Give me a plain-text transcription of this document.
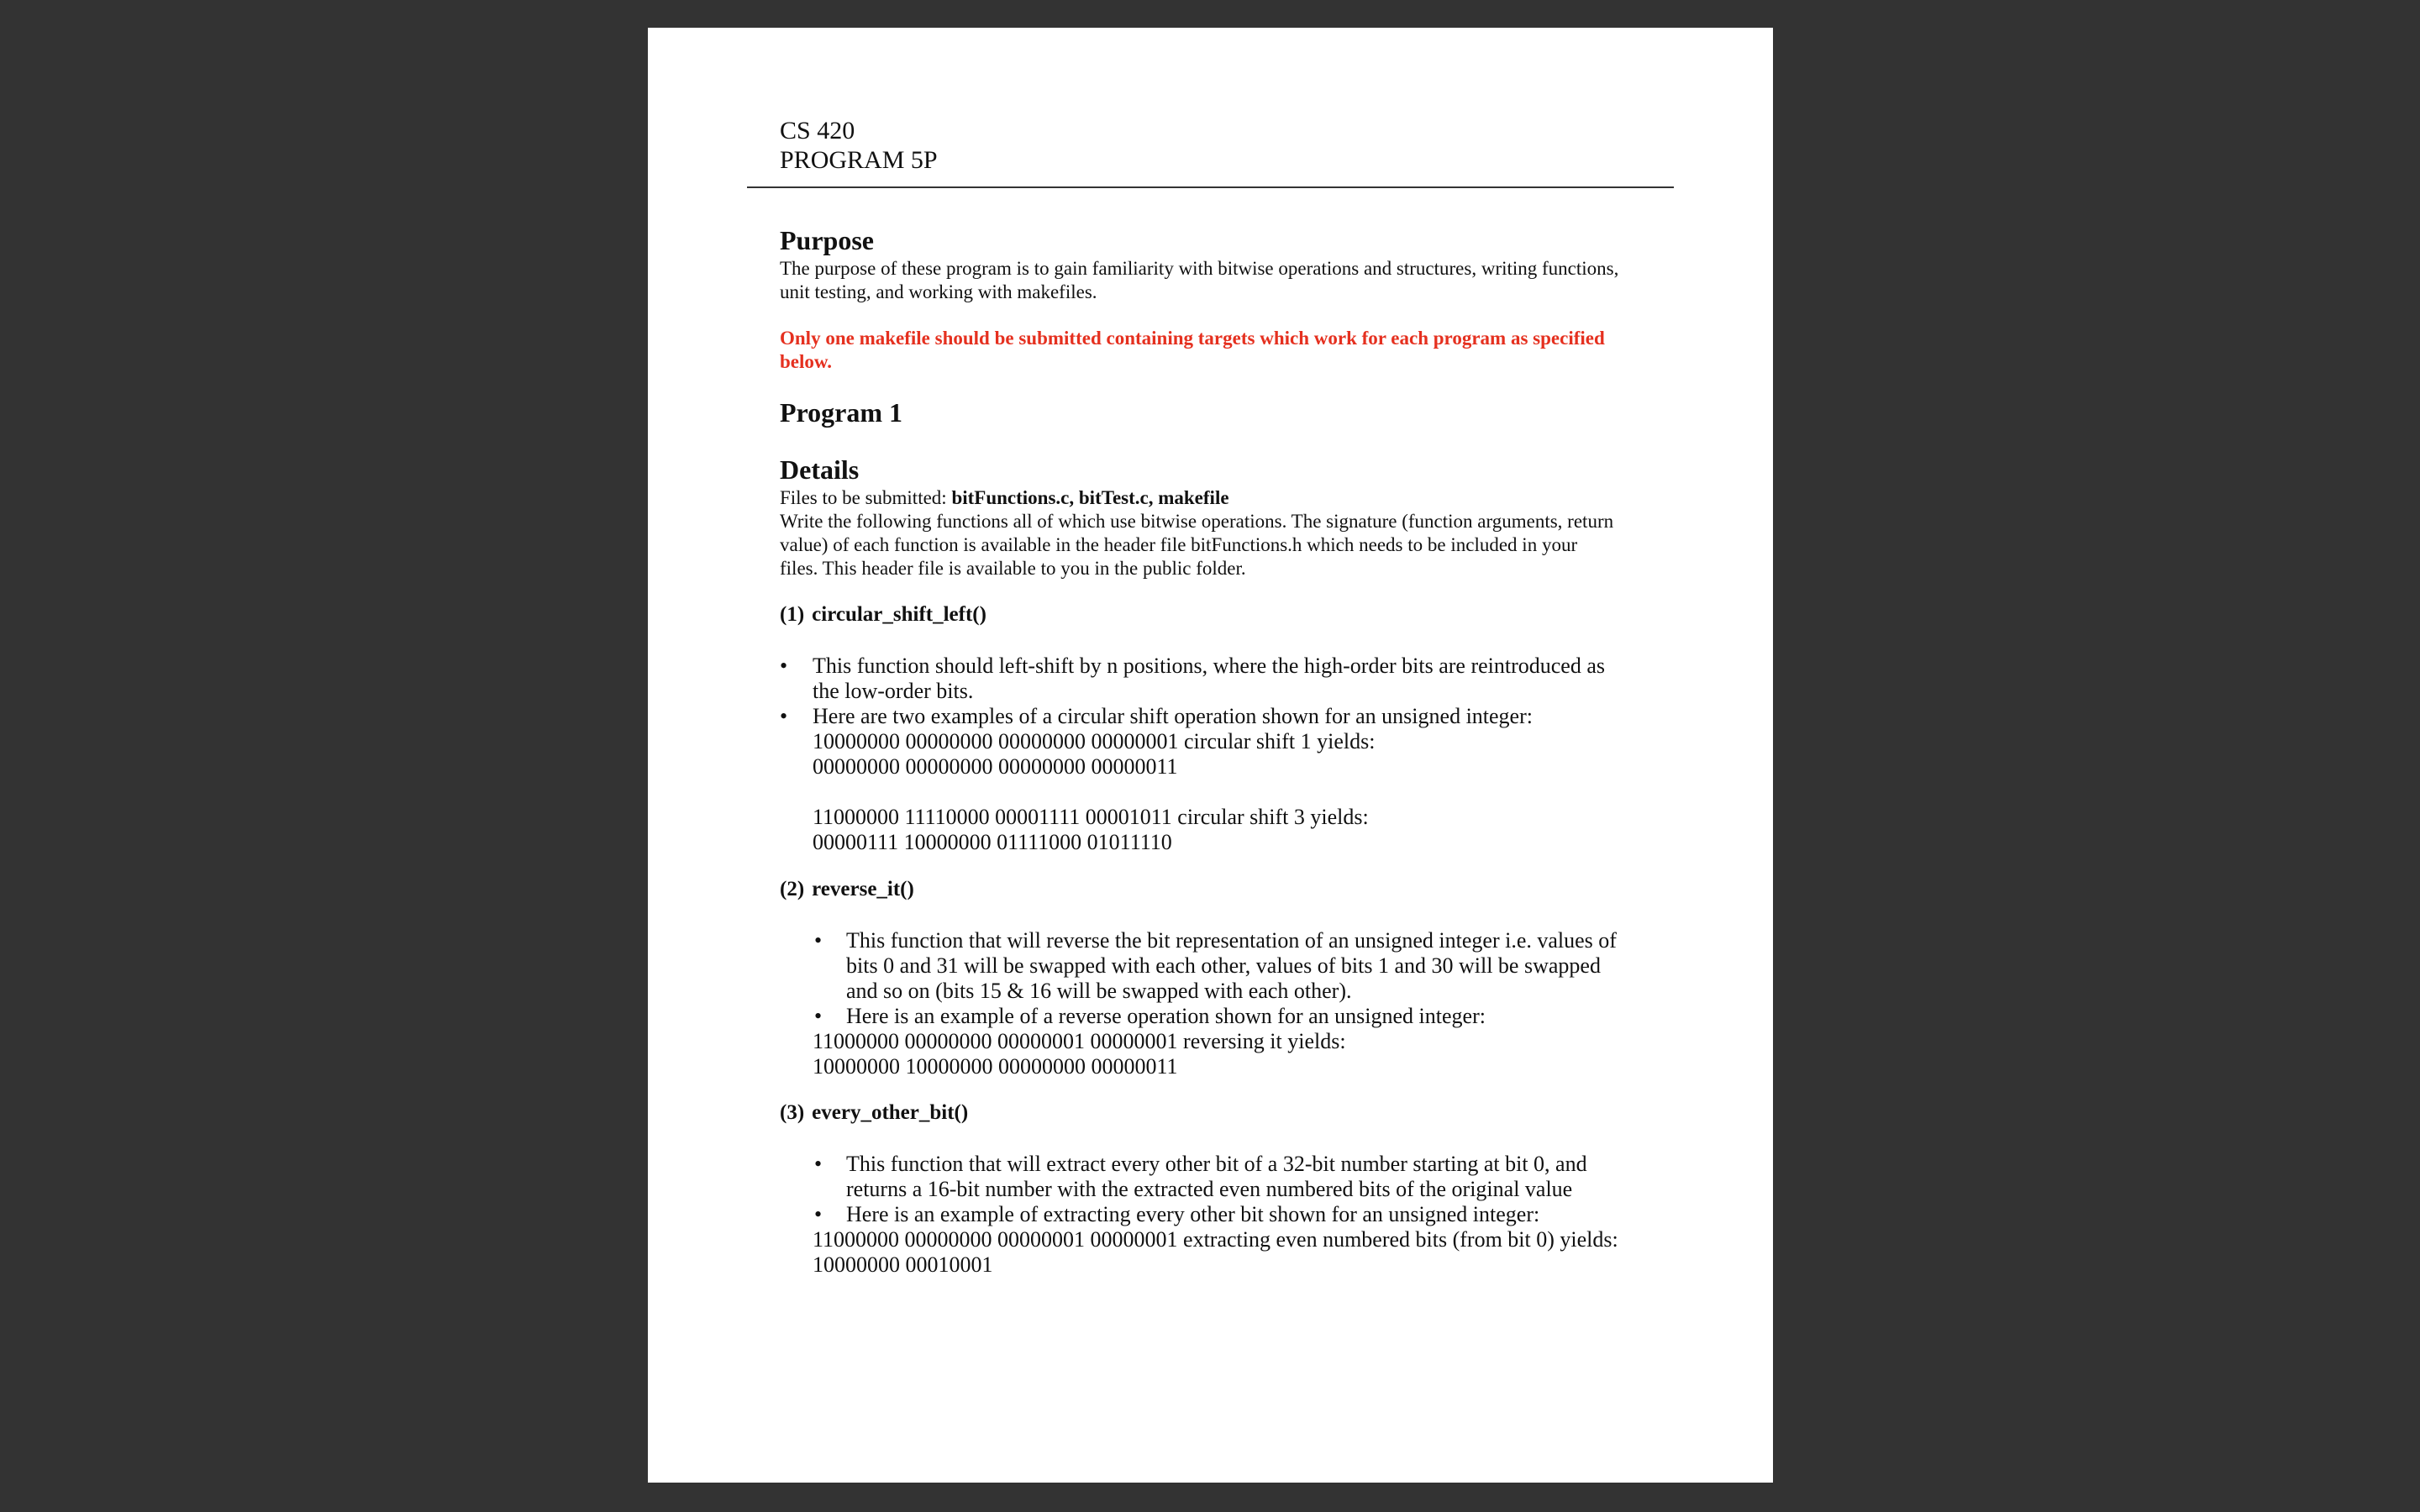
CS 420

PROGRAM 5P

Purpose

The purpose of these program is to gain familiarity with bitwise operations and structures, writing functions, unit testing, and working with makefiles.

Only one makefile should be submitted containing targets which work for each program as specified below.

Program 1
Details

Files to be submitted: bitFunctions.c, bitTest.c, makefile

Write the following functions all of which use bitwise operations. The signature (function arguments, return value) of each function is available in the header file bitFunctions.h which needs to be included in your files. This header file is available to you in the public folder.

(1) circular_shift_left()

•	This function should left-shift by n positions, where the high-order bits are reintroduced as the low-order bits.
•	Here are two examples of a circular shift operation shown for an unsigned integer:

10000000 00000000 00000000 00000001 circular shift 1 yields:

00000000 00000000 00000000 00000011

11000000 11110000 00001111 00001011 circular shift 3 yields:

00000111 10000000 01111000 01011110

(2) reverse_it()

•	This function that will reverse the bit representation of an unsigned integer i.e. values of bits 0 and 31 will be swapped with each other, values of bits 1 and 30 will be swapped and so on (bits 15 & 16 will be swapped with each other).
•	Here is an example of a reverse operation shown for an unsigned integer:

11000000 00000000 00000001 00000001 reversing it yields:

10000000 10000000 00000000 00000011

(3) every_other_bit()

•	This function that will extract every other bit of a 32-bit number starting at bit 0, and returns a 16-bit number with the extracted even numbered bits of the original value
•	Here is an example of extracting every other bit shown for an unsigned integer:

11000000 00000000 00000001 00000001 extracting even numbered bits (from bit 0) yields:

10000000 00010001
